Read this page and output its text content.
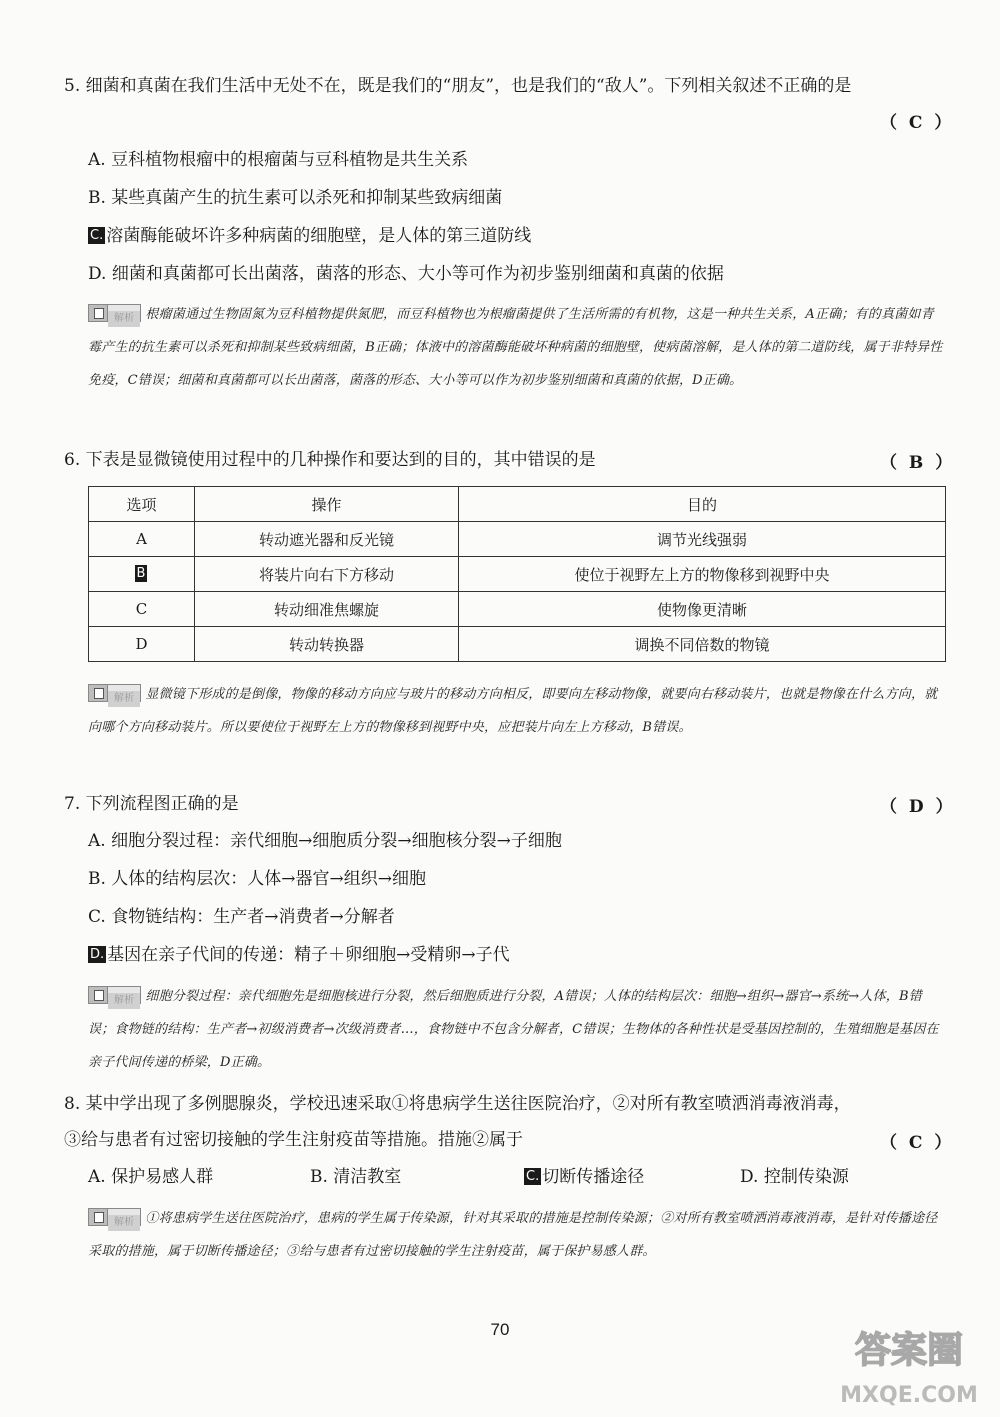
5. 细菌和真菌在我们生活中无处不在，既是我们的“朋友”，也是我们的“敌人”。下列相关叙述不正确的是
（ C ）
A. 豆科植物根瘤中的根瘤菌与豆科植物是共生关系
B. 某些真菌产生的抗生素可以杀死和抑制某些致病细菌
C. 溶菌酶能破坏许多种病菌的细胞壁，是人体的第三道防线
D. 细菌和真菌都可长出菌落，菌落的形态、大小等可作为初步鉴别细菌和真菌的依据

解析 根瘤菌通过生物固氮为豆科植物提供氮肥，而豆科植物也为根瘤菌提供了生活所需的有机物，这是一种共生关系，A正确；有的真菌如青霉产生的抗生素可以杀死和抑制某些致病细菌，B正确；体液中的溶菌酶能破坏种病菌的细胞壁，使病菌溶解，是人体的第二道防线，属于非特异性免疫，C错误；细菌和真菌都可以长出菌落，菌落的形态、大小等可以作为初步鉴别细菌和真菌的依据，D正确。

6. 下表是显微镜使用过程中的几种操作和要达到的目的，其中错误的是	（ B ）
选项	操作	目的
A	转动遮光器和反光镜	调节光线强弱
B	将装片向右下方移动	使位于视野左上方的物像移到视野中央
C	转动细准焦螺旋	使物像更清晰
D	转动转换器	调换不同倍数的物镜

解析 显微镜下形成的是倒像，物像的移动方向应与玻片的移动方向相反，即要向左移动物像，就要向右移动装片，也就是物像在什么方向，就向哪个方向移动装片。所以要使位于视野左上方的物像移到视野中央，应把装片向左上方移动，B错误。

7. 下列流程图正确的是	（ D ）
A. 细胞分裂过程：亲代细胞→细胞质分裂→细胞核分裂→子细胞
B. 人体的结构层次：人体→器官→组织→细胞
C. 食物链结构：生产者→消费者→分解者
D. 基因在亲子代间的传递：精子＋卵细胞→受精卵→子代

解析 细胞分裂过程：亲代细胞先是细胞核进行分裂，然后细胞质进行分裂，A错误；人体的结构层次：细胞→组织→器官→系统→人体，B错误；食物链的结构：生产者→初级消费者→次级消费者…，食物链中不包含分解者，C错误；生物体的各种性状是受基因控制的，生殖细胞是基因在亲子代间传递的桥梁，D正确。

8. 某中学出现了多例腮腺炎，学校迅速采取①将患病学生送往医院治疗，②对所有教室喷洒消毒液消毒，
③给与患者有过密切接触的学生注射疫苗等措施。措施②属于	（ C ）
A. 保护易感人群	B. 清洁教室	C. 切断传播途径	D. 控制传染源

解析 ①将患病学生送往医院治疗，患病的学生属于传染源，针对其采取的措施是控制传染源；②对所有教室喷洒消毒液消毒，是针对传播途径采取的措施，属于切断传播途径；③给与患者有过密切接触的学生注射疫苗，属于保护易感人群。

70
答案圈
MXQE.COM
